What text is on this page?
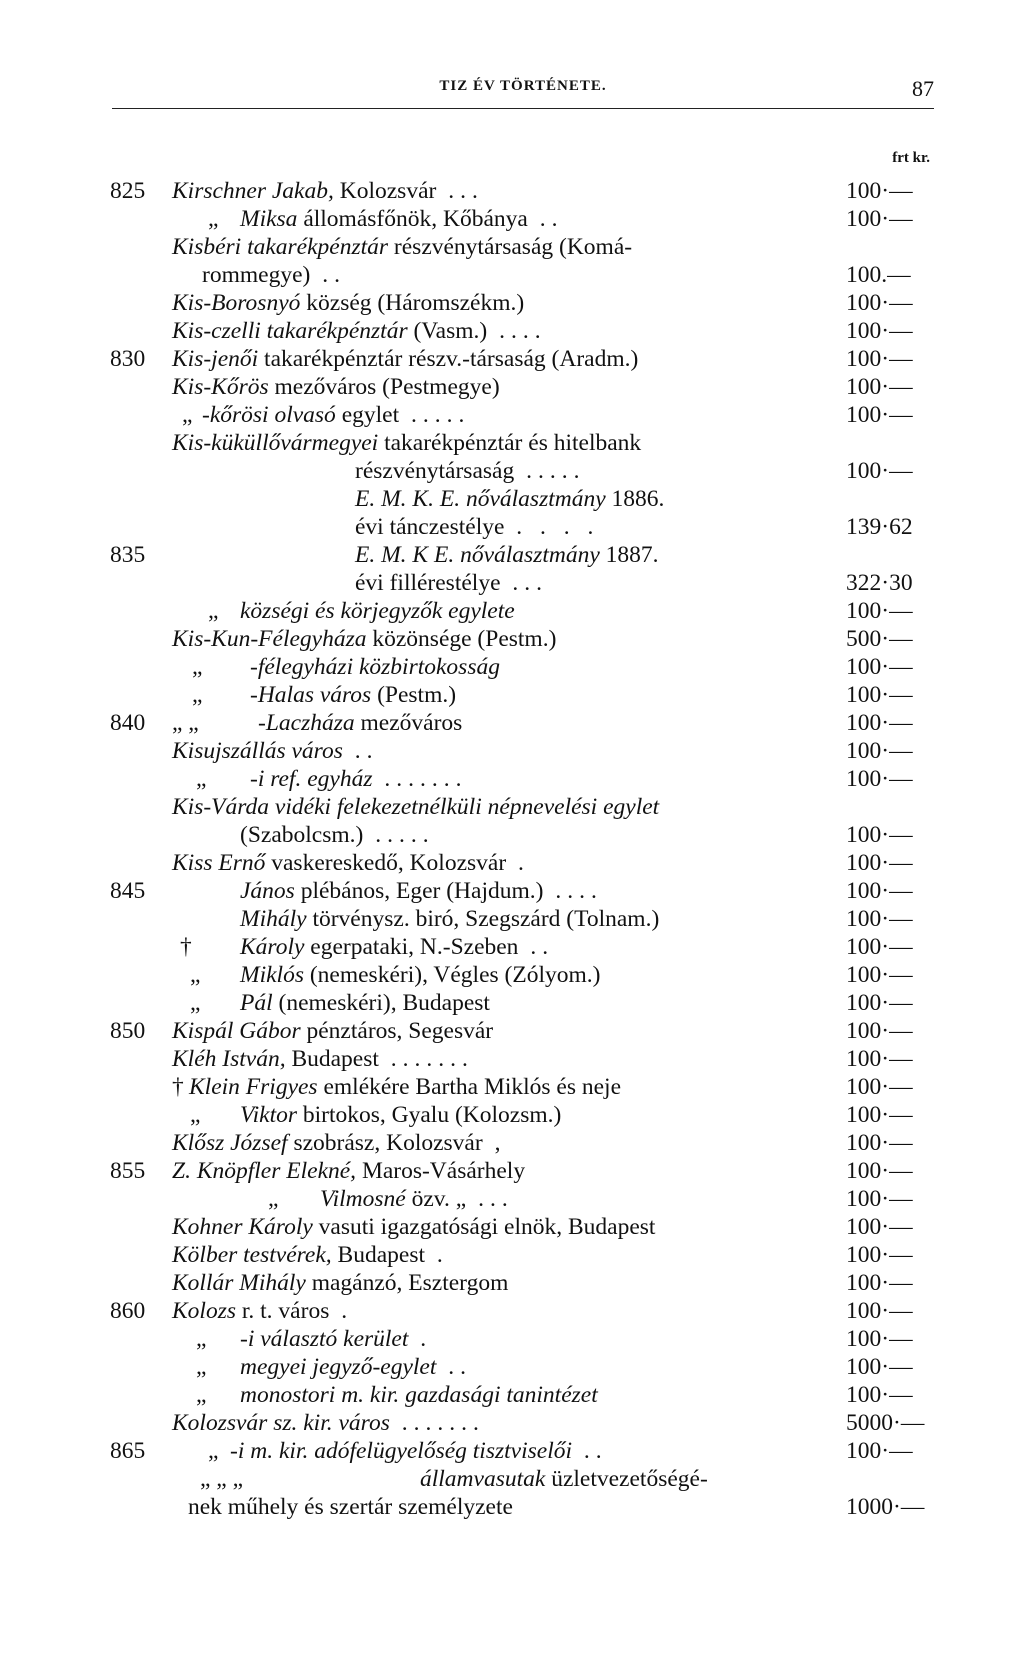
TIZ ÉV TÖRTÉNETE.	87
frt kr.
825	Kirschner Jakab, Kolozsvár ...	100·—
„ Miksa állomásfőnök, Kőbánya ..	100·—
Kisbéri takarékpénztár részvénytársaság (Komá-
rommegye) ..	100.—
Kis-Borosnyó község (Háromszékm.)	100·—
Kis-czelli takarékpénztár (Vasm.) ....	100·—
830	Kis-jenői takarékpénztár részv.-társaság (Aradm.)	100·—
Kis-Kőrös mezőváros (Pestmegye)	100·—
„ -kőrösi olvasó egylet .....	100·—
Kis-küküllővármegyei takarékpénztár és hitelbank
részvénytársaság .....	100·—
E. M. K. E. nőválasztmány 1886.
évi tánczestélye . . . .	139·62
835	E. M. K E. nőválasztmány 1887.
évi fillérestélye ...	322·30
„ községi és körjegyzők egylete	100·—
Kis-Kun-Félegyháza közönsége (Pestm.)	500·—
„	-félegyházi közbirtokosság	100·—
„	-Halas város (Pestm.)	100·—
840	„ „	-Laczháza mezőváros	100·—
Kisujszállás város ..	100·—
„	-i ref. egyház .......	100·—
Kis-Várda vidéki felekezetnélküli népnevelési egylet
(Szabolcsm.) .....	100·—
Kiss Ernő vaskereskedő, Kolozsvár .	100·—
845	János plébános, Eger (Hajdum.) ....	100·—
Mihály törvénysz. biró, Szegszárd (Tolnam.)	100·—
†	Károly egerpataki, N.-Szeben ..	100·—
„	Miklós (nemeskéri), Végles (Zólyom.)	100·—
„	Pál (nemeskéri), Budapest	100·—
850	Kispál Gábor pénztáros, Segesvár	100·—
Kléh István, Budapest .......	100·—
† Klein Frigyes emlékére Bartha Miklós és neje	100·—
„	Viktor birtokos, Gyalu (Kolozsm.)	100·—
Klősz József szobrász, Kolozsvár ,	100·—
855	Z. Knöpfler Elekné, Maros-Vásárhely	100·—
„	Vilmosné özv. „ ...	100·—
Kohner Károly vasuti igazgatósági elnök, Budapest	100·—
Kölber testvérek, Budapest .	100·—
Kollár Mihály magánzó, Esztergom	100·—
860	Kolozs r. t. város .	100·—
„	-i választó kerület .	100·—
„	megyei jegyző-egylet ..	100·—
„	monostori m. kir. gazdasági tanintézet	100·—
Kolozsvár sz. kir. város .......	5000·—
865	„ -i m. kir. adófelügyelőség tisztviselői ..	100·—
„ „ „	államvasutak üzletvezetőségé-
nek műhely és szertár személyzete	1000·—
